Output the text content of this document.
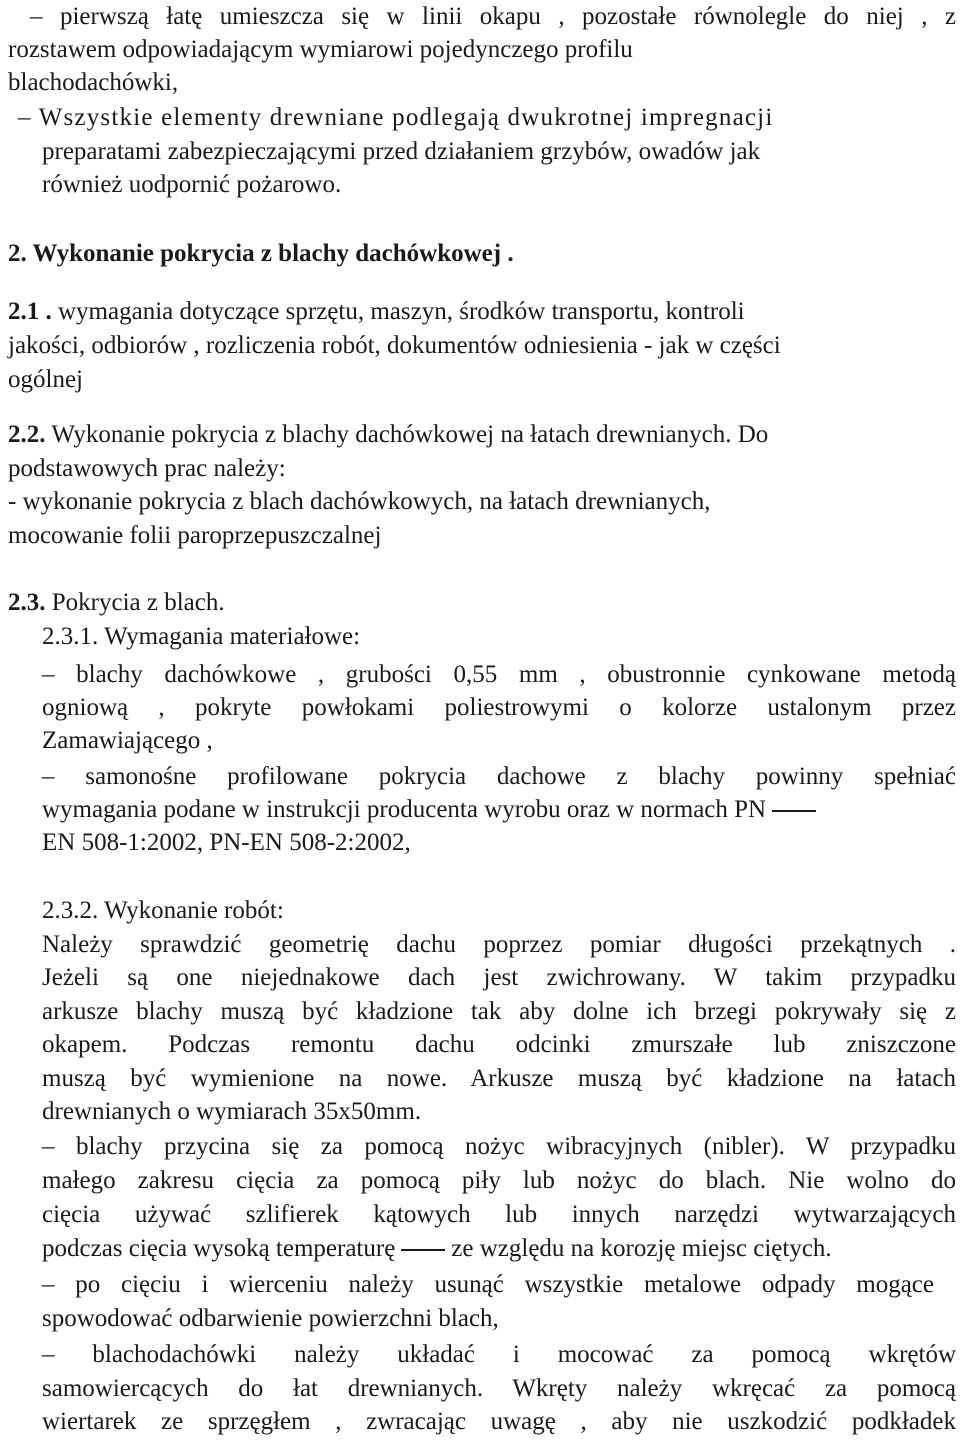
– pierwszą łatę umieszcza się w linii okapu , pozostałe równolegle do niej , z
rozstawem odpowiadającym wymiarowi pojedynczego profilu
blachodachówki,
– Wszystkie elementy drewniane podlegają dwukrotnej impregnacji
preparatami zabezpieczającymi przed działaniem grzybów, owadów jak
również uodpornić pożarowo.
2. Wykonanie pokrycia z blachy dachówkowej .
2.1 . wymagania dotyczące sprzętu, maszyn, środków transportu, kontroli
jakości, odbiorów , rozliczenia robót, dokumentów odniesienia - jak w części
ogólnej
2.2. Wykonanie pokrycia z blachy dachówkowej na łatach drewnianych. Do
podstawowych prac należy:
- wykonanie pokrycia z blach dachówkowych, na łatach drewnianych,
mocowanie folii paroprzepuszczalnej
2.3. Pokrycia z blach.
2.3.1. Wymagania materiałowe:
– blachy dachówkowe , grubości 0,55 mm , obustronnie cynkowane metodą
ogniową , pokryte powłokami poliestrowymi o kolorze ustalonym przez
Zamawiającego ,
– samonośne profilowane pokrycia dachowe z blachy powinny spełniać
wymagania podane w instrukcji producenta wyrobu oraz w normach PN
EN 508-1:2002, PN-EN 508-2:2002,
2.3.2. Wykonanie robót:
Należy sprawdzić geometrię dachu poprzez pomiar długości przekątnych .
Jeżeli są one niejednakowe dach jest zwichrowany. W takim przypadku
arkusze blachy muszą być kładzione tak aby dolne ich brzegi pokrywały się z
okapem. Podczas remontu dachu odcinki zmurszałe lub zniszczone
muszą być wymienione na nowe. Arkusze muszą być kładzione na łatach
drewnianych o wymiarach 35x50mm.
– blachy przycina się za pomocą nożyc wibracyjnych (nibler). W przypadku
małego zakresu cięcia za pomocą piły lub nożyc do blach. Nie wolno do
cięcia używać szlifierek kątowych lub innych narzędzi wytwarzających
podczas cięcia wysoką temperaturę ze względu na korozję miejsc ciętych.
– po cięciu i wierceniu należy usunąć wszystkie metalowe odpady mogące
spowodować odbarwienie powierzchni blach,
– blachodachówki należy układać i mocować za pomocą wkrętów
samowiercących do łat drewnianych. Wkręty należy wkręcać za pomocą
wiertarek ze sprzęgłem , zwracając uwagę , aby nie uszkodzić podkładek
